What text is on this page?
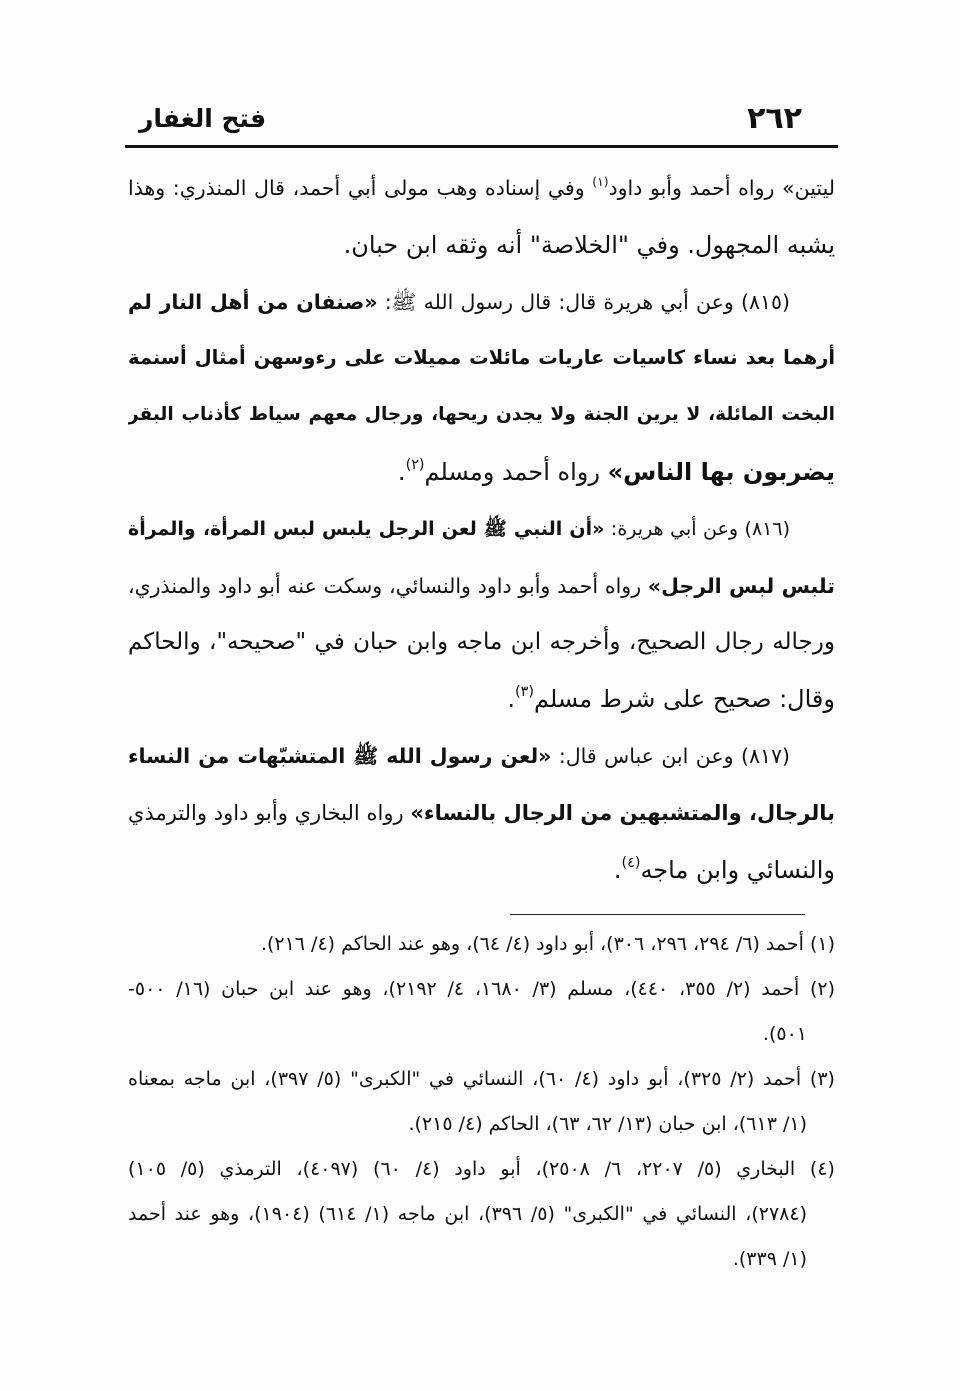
٢٦٢
فتح الغفار
ليتين» رواه أحمد وأبو داود$^{(١)}$ وفي إسناده وهب مولى أبي أحمد، قال المنذري: وهذا
يشبه المجهول. وفي "الخلاصة" أنه وثقه ابن حبان.
(٨١٥) وعن أبي هريرة قال: قال رسول الله ﷺ: «صنفان من أهل النار لم
أرهما بعد نساء كاسيات عاريات مائلات مميلات على رءوسهن أمثال أسنمة
البخت المائلة، لا يرين الجنة ولا يجدن ريحها، ورجال معهم سياط كأذناب البقر
يضربون بها الناس» رواه أحمد ومسلم$^{(٢)}$.
(٨١٦) وعن أبي هريرة: «أن النبي ﷺ لعن الرجل يلبس لبس المرأة، والمرأة
تلبس لبس الرجل» رواه أحمد وأبو داود والنسائي، وسكت عنه أبو داود والمنذري،
ورجاله رجال الصحيح، وأخرجه ابن ماجه وابن حبان في "صحيحه"، والحاكم
وقال: صحيح على شرط مسلم$^{(٣)}$.
(٨١٧) وعن ابن عباس قال: «لعن رسول الله ﷺ المتشبّهات من النساء
بالرجال، والمتشبهين من الرجال بالنساء» رواه البخاري وأبو داود والترمذي
والنسائي وابن ماجه$^{(٤)}$.
(١) أحمد (٦/ ٢٩٤، ٢٩٦، ٣٠٦)، أبو داود (٤/ ٦٤)، وهو عند الحاكم (٤/ ٢١٦).
(٢) أحمد (٢/ ٣٥٥، ٤٤٠)، مسلم (٣/ ١٦٨٠، ٤/ ٢١٩٢)، وهو عند ابن حبان (١٦/ ٥٠٠-
٥٠١).
(٣) أحمد (٢/ ٣٢٥)، أبو داود (٤/ ٦٠)، النسائي في "الكبرى" (٥/ ٣٩٧)، ابن ماجه بمعناه
(١/ ٦١٣)، ابن حبان (١٣/ ٦٢، ٦٣)، الحاكم (٤/ ٢١٥).
(٤) البخاري (٥/ ٢٢٠٧، ٦/ ٢٥٠٨)، أبو داود (٤/ ٦٠) (٤٠٩٧)، الترمذي (٥/ ١٠٥)
(٢٧٨٤)، النسائي في "الكبرى" (٥/ ٣٩٦)، ابن ماجه (١/ ٦١٤) (١٩٠٤)، وهو عند أحمد
(١/ ٣٣٩).
